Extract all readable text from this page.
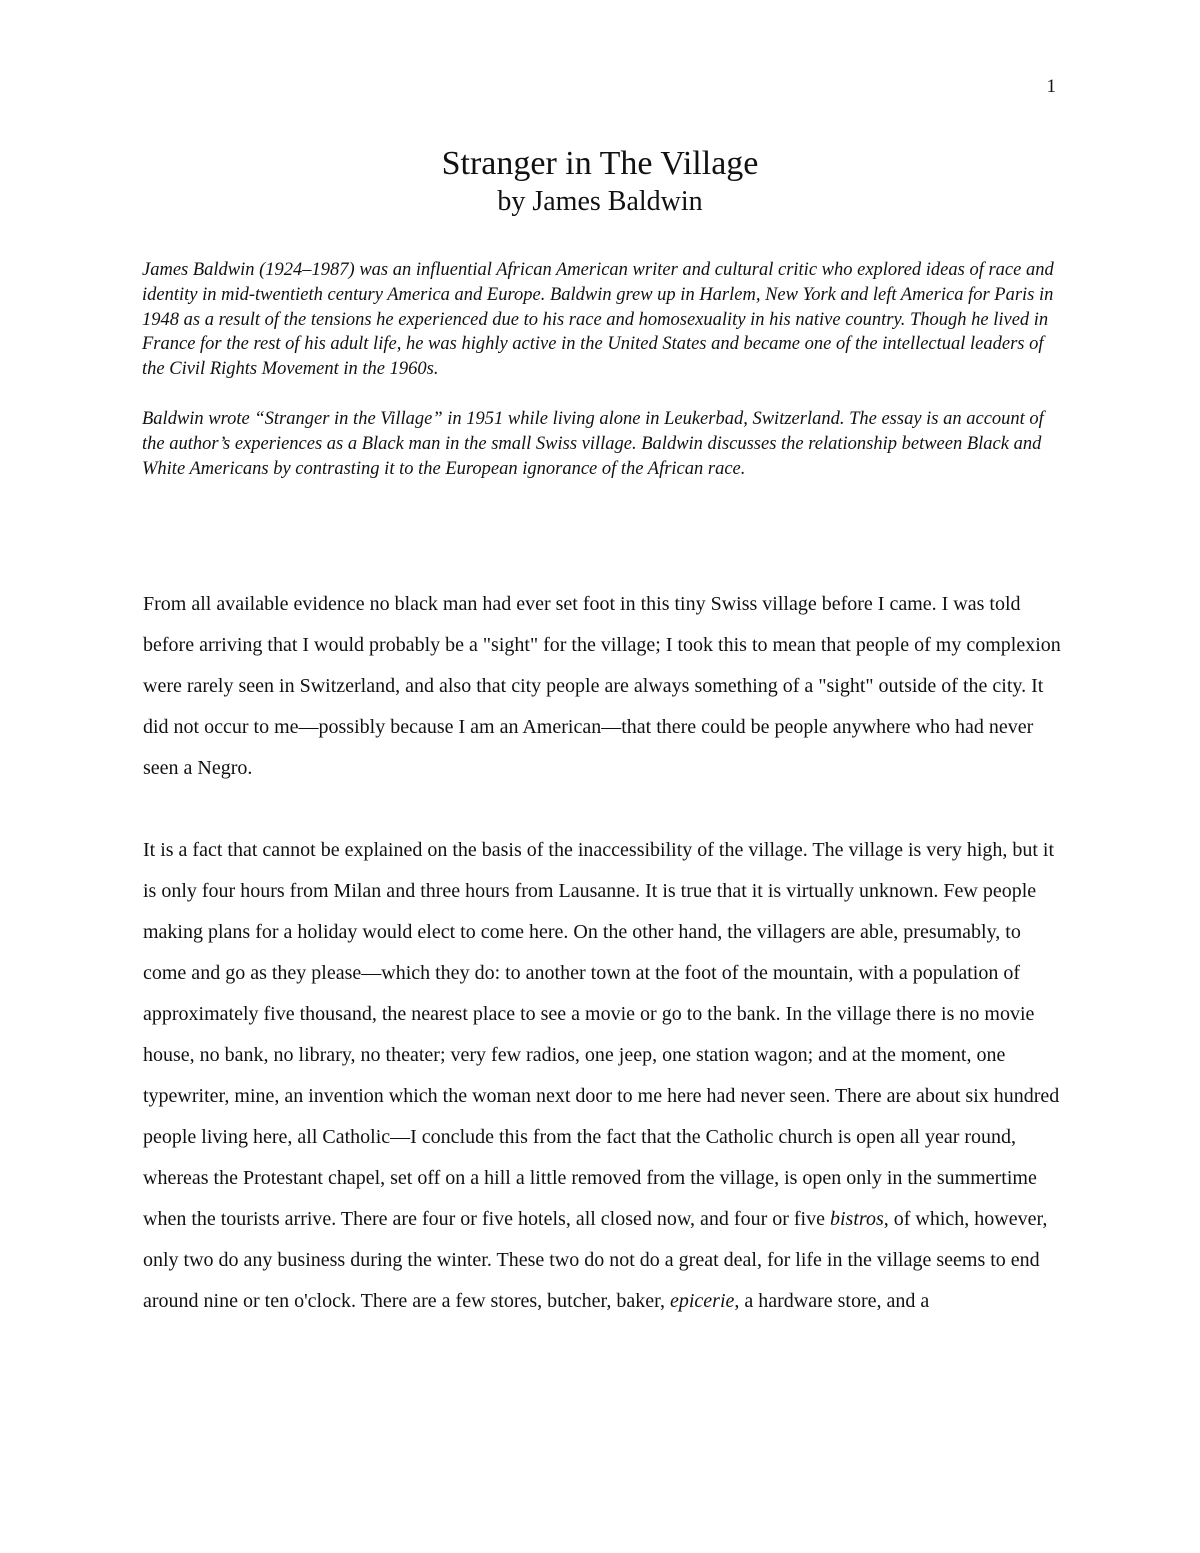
1

Stranger in The Village
by James Baldwin

James Baldwin (1924–1987) was an influential African American writer and cultural critic who explored ideas of race and identity in mid-twentieth century America and Europe. Baldwin grew up in Harlem, New York and left America for Paris in 1948 as a result of the tensions he experienced due to his race and homosexuality in his native country. Though he lived in France for the rest of his adult life, he was highly active in the United States and became one of the intellectual leaders of the Civil Rights Movement in the 1960s.

Baldwin wrote “Stranger in the Village” in 1951 while living alone in Leukerbad, Switzerland. The essay is an account of the author’s experiences as a Black man in the small Swiss village. Baldwin discusses the relationship between Black and White Americans by contrasting it to the European ignorance of the African race.

From all available evidence no black man had ever set foot in this tiny Swiss village before I came. I was told before arriving that I would probably be a "sight" for the village; I took this to mean that people of my complexion were rarely seen in Switzerland, and also that city people are always something of a "sight" outside of the city. It did not occur to me—possibly because I am an American—that there could be people anywhere who had never seen a Negro.

It is a fact that cannot be explained on the basis of the inaccessibility of the village. The village is very high, but it is only four hours from Milan and three hours from Lausanne. It is true that it is virtually unknown. Few people making plans for a holiday would elect to come here. On the other hand, the villagers are able, presumably, to come and go as they please—which they do: to another town at the foot of the mountain, with a population of approximately five thousand, the nearest place to see a movie or go to the bank. In the village there is no movie house, no bank, no library, no theater; very few radios, one jeep, one station wagon; and at the moment, one typewriter, mine, an invention which the woman next door to me here had never seen. There are about six hundred people living here, all Catholic—I conclude this from the fact that the Catholic church is open all year round, whereas the Protestant chapel, set off on a hill a little removed from the village, is open only in the summertime when the tourists arrive. There are four or five hotels, all closed now, and four or five bistros, of which, however, only two do any business during the winter. These two do not do a great deal, for life in the village seems to end around nine or ten o'clock. There are a few stores, butcher, baker, epicerie, a hardware store, and a
